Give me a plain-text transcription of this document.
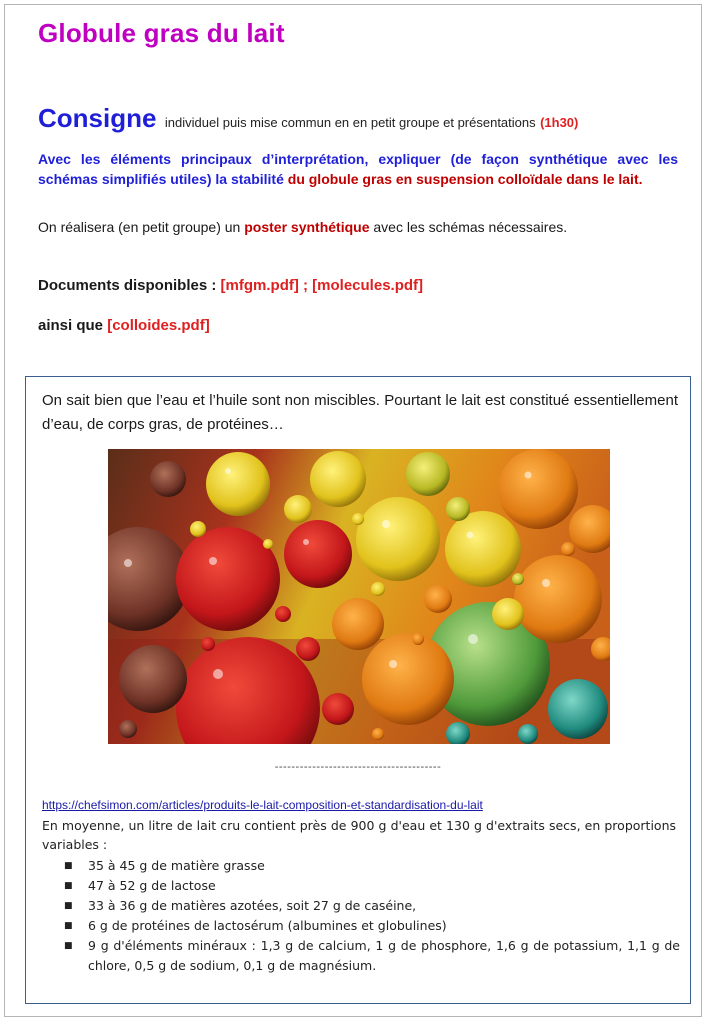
Globule gras du lait
Consigne individuel puis mise commun en en petit groupe et présentations (1h30)

Avec les éléments principaux d’interprétation, expliquer (de façon synthétique avec les schémas simplifiés utiles) la stabilité du globule gras en suspension colloïdale dans le lait.

On réalisera (en petit groupe) un poster synthétique avec les schémas nécessaires.

Documents disponibles : [mfgm.pdf] ; [molecules.pdf]
ainsi que [colloides.pdf]

On sait bien que l’eau et l’huile sont non miscibles. Pourtant le lait est constitué essentiellement d’eau, de corps gras, de protéines…

----------------------------------------
https://chefsimon.com/articles/produits-le-lait-composition-et-standardisation-du-lait

En moyenne, un litre de lait cru contient près de 900 g d'eau et 130 g d'extraits secs, en proportions variables :

■ 35 à 45 g de matière grasse
■ 47 à 52 g de lactose
■ 33 à 36 g de matières azotées, soit 27 g de caséine,
■ 6 g de protéines de lactosérum (albumines et globulines)
■ 9 g d'éléments minéraux : 1,3 g de calcium, 1 g de phosphore, 1,6 g de potassium, 1,1 g de chlore, 0,5 g de sodium, 0,1 g de magnésium.
